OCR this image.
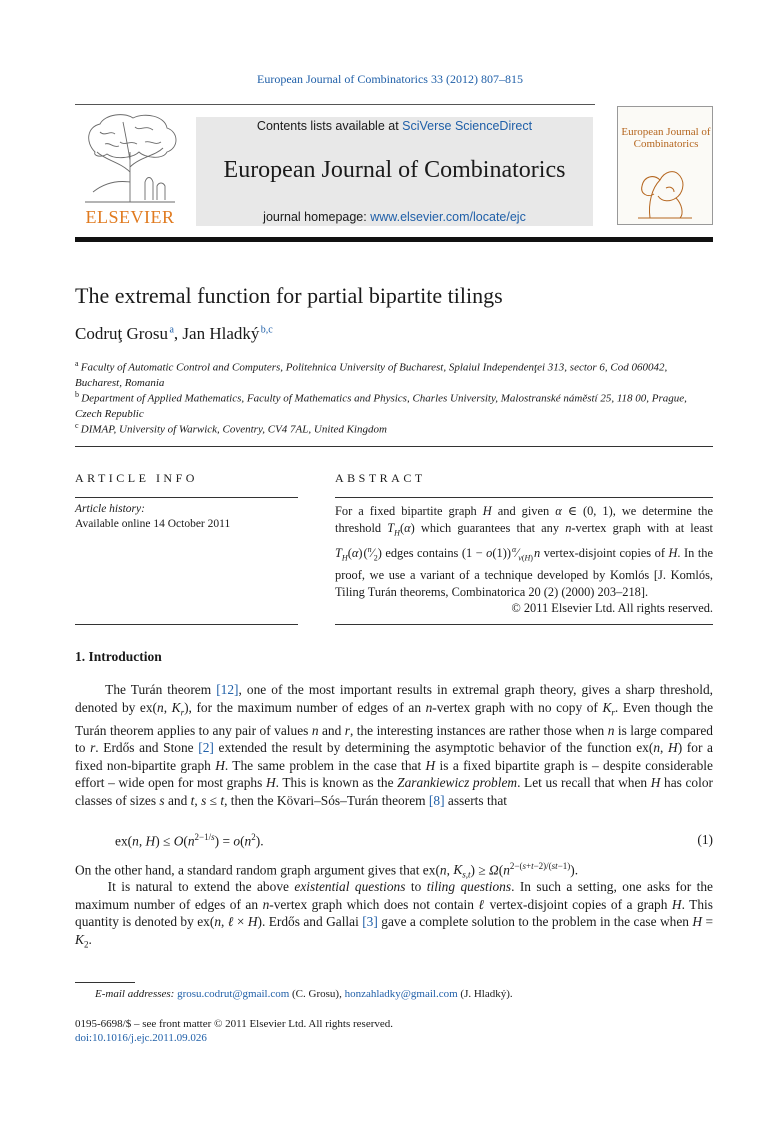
European Journal of Combinatorics 33 (2012) 807–815
ELSEVIER
Contents lists available at SciVerse ScienceDirect
European Journal of Combinatorics
journal homepage: www.elsevier.com/locate/ejc
European Journal of Combinatorics
The extremal function for partial bipartite tilings
Codruţ Grosu $^a$, Jan Hladký $^{b,c}$
$^a$  Faculty of Automatic Control and Computers, Politehnica University of Bucharest, Splaiul Independenţei 313, sector 6, Cod 060042, Bucharest, Romania
$^b$  Department of Applied Mathematics, Faculty of Mathematics and Physics, Charles University, Malostranské náměstí 25, 118 00, Prague, Czech Republic
$^c$  DIMAP, University of Warwick, Coventry, CV4 7AL, United Kingdom
ARTICLE INFO	ABSTRACT
Article history:
Available online 14 October 2011
For a fixed bipartite graph H and given α ∈ (0, 1), we determine the threshold $T_H(\alpha)$ which guarantees that any n-vertex graph with at least $T_H(\alpha)$ $(^n⁄_2)$ edges contains (1 − o(1)) $^\alpha⁄_{v(H)}$ n vertex-disjoint copies of H. In the proof, we use a variant of a technique developed by Komlós [J. Komlós, Tiling Turán theorems, Combinatorica 20 (2) (2000) 203–218].
© 2011 Elsevier Ltd. All rights reserved.
1. Introduction
The Turán theorem [12], one of the most important results in extremal graph theory, gives a sharp threshold, denoted by ex(n, $K_r$), for the maximum number of edges of an n-vertex graph with no copy of $K_r$. Even though the Turán theorem applies to any pair of values n and r, the interesting instances are rather those when n is large compared to r. Erdős and Stone [2] extended the result by determining the asymptotic behavior of the function ex(n, H) for a fixed non-bipartite graph H. The same problem in the case that H is a fixed bipartite graph is – despite considerable effort – wide open for most graphs H. This is known as the Zarankiewicz problem. Let us recall that when H has color classes of sizes s and t, s ≤ t, then the Kövari–Sós–Turán theorem [8] asserts that
ex(n, $H) \le O(n^{2-1/s}) = o(n^2)$.	(1)
On the other hand, a standard random graph argument gives that ex(n, $K_{s,t}) \ge \Omega(n^{2-(s+t-2)/(st-1)})$.
It is natural to extend the above existential questions to tiling questions. In such a setting, one asks for the maximum number of edges of an n-vertex graph which does not contain ℓ vertex-disjoint copies of a graph H. This quantity is denoted by ex(n, ℓ × H). Erdős and Gallai [3] gave a complete solution to the problem in the case when $H = K_2$.
E-mail addresses: grosu.codrut@gmail.com (C. Grosu), honzahladky@gmail.com (J. Hladký).
0195-6698/$ – see front matter © 2011 Elsevier Ltd. All rights reserved.
doi:10.1016/j.ejc.2011.09.026
